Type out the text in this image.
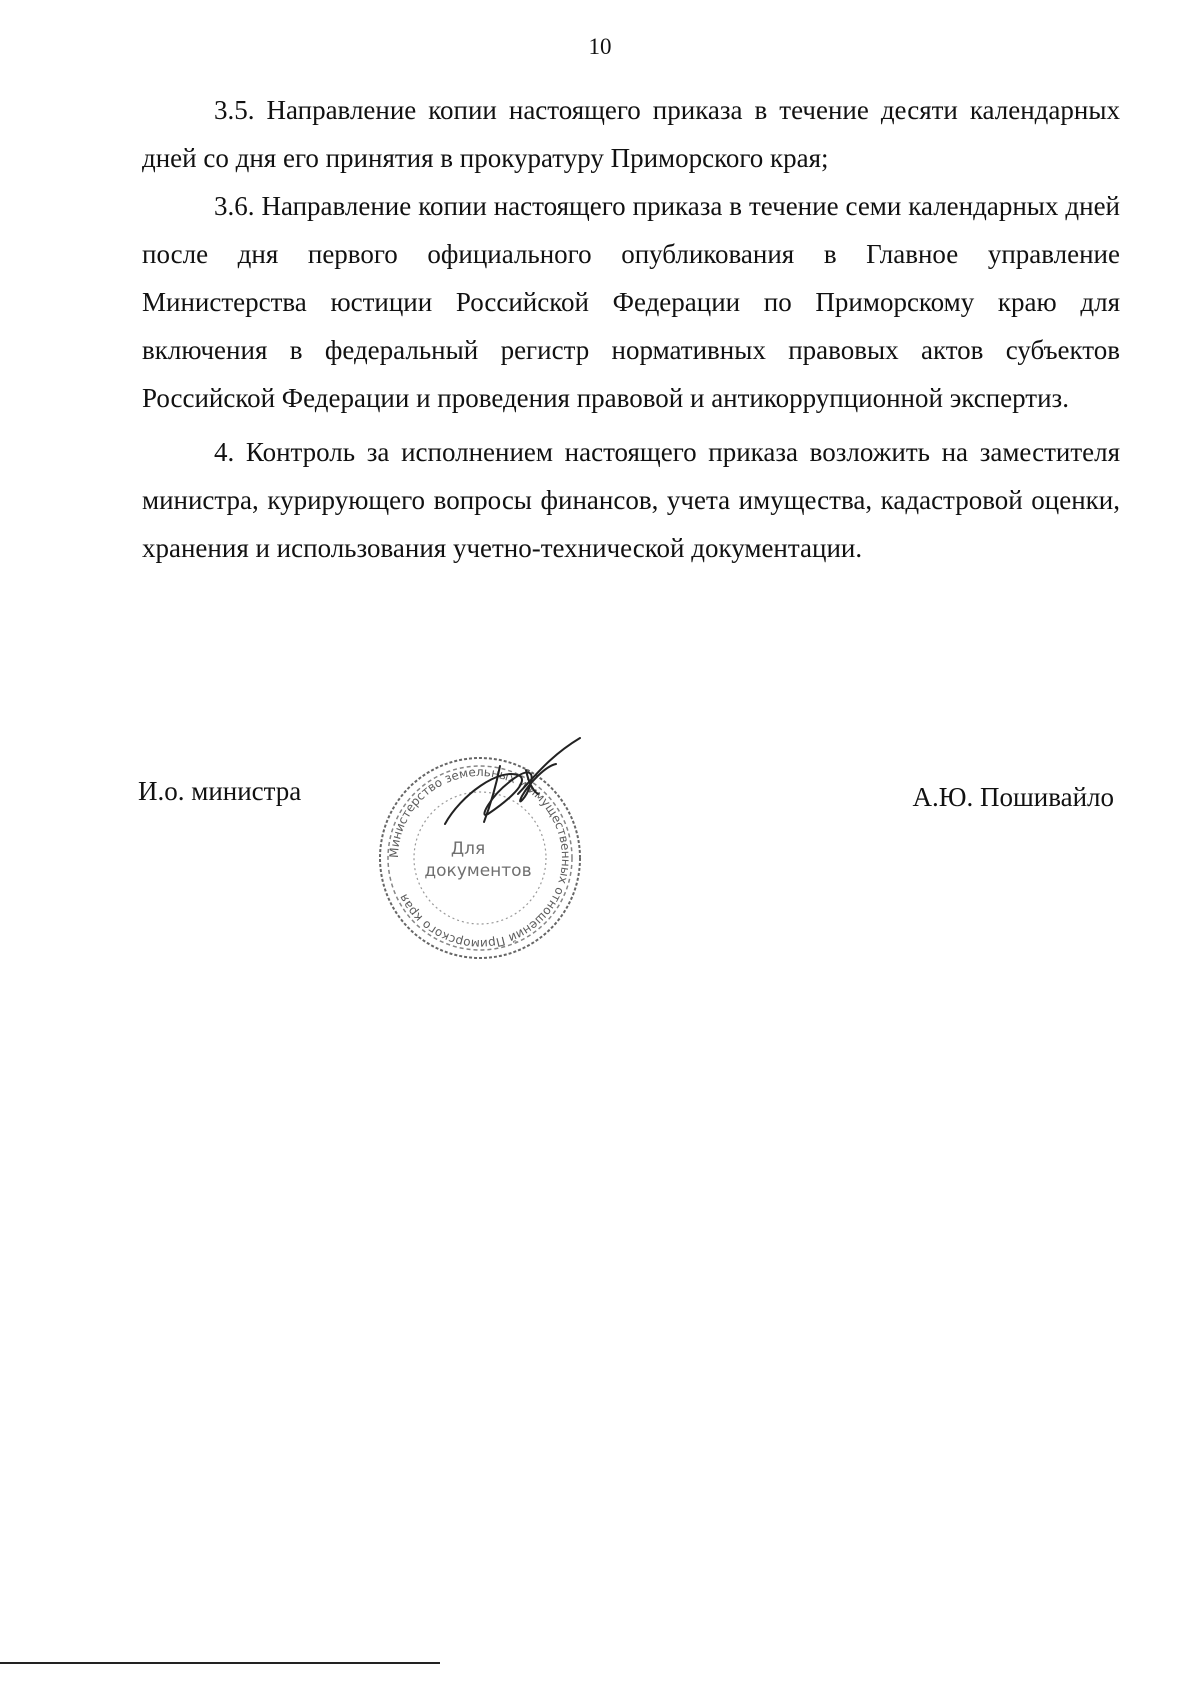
10

3.5. Направление копии настоящего приказа в течение десяти календарных дней со дня его принятия в прокуратуру Приморского края;

3.6. Направление копии настоящего приказа в течение семи календарных дней после дня первого официального опубликования в Главное управление Министерства юстиции Российской Федерации по Приморскому краю для включения в федеральный регистр нормативных правовых актов субъектов Российской Федерации и проведения правовой и антикоррупционной экспертиз.

4. Контроль за исполнением настоящего приказа возложить на заместителя министра, курирующего вопросы финансов, учета имущества, кадастровой оценки, хранения и использования учетно-технической документации.

И.о. министра
Министерство земельных и имущественных отношений Приморского края
Для
документов
А.Ю. Пошивайло
